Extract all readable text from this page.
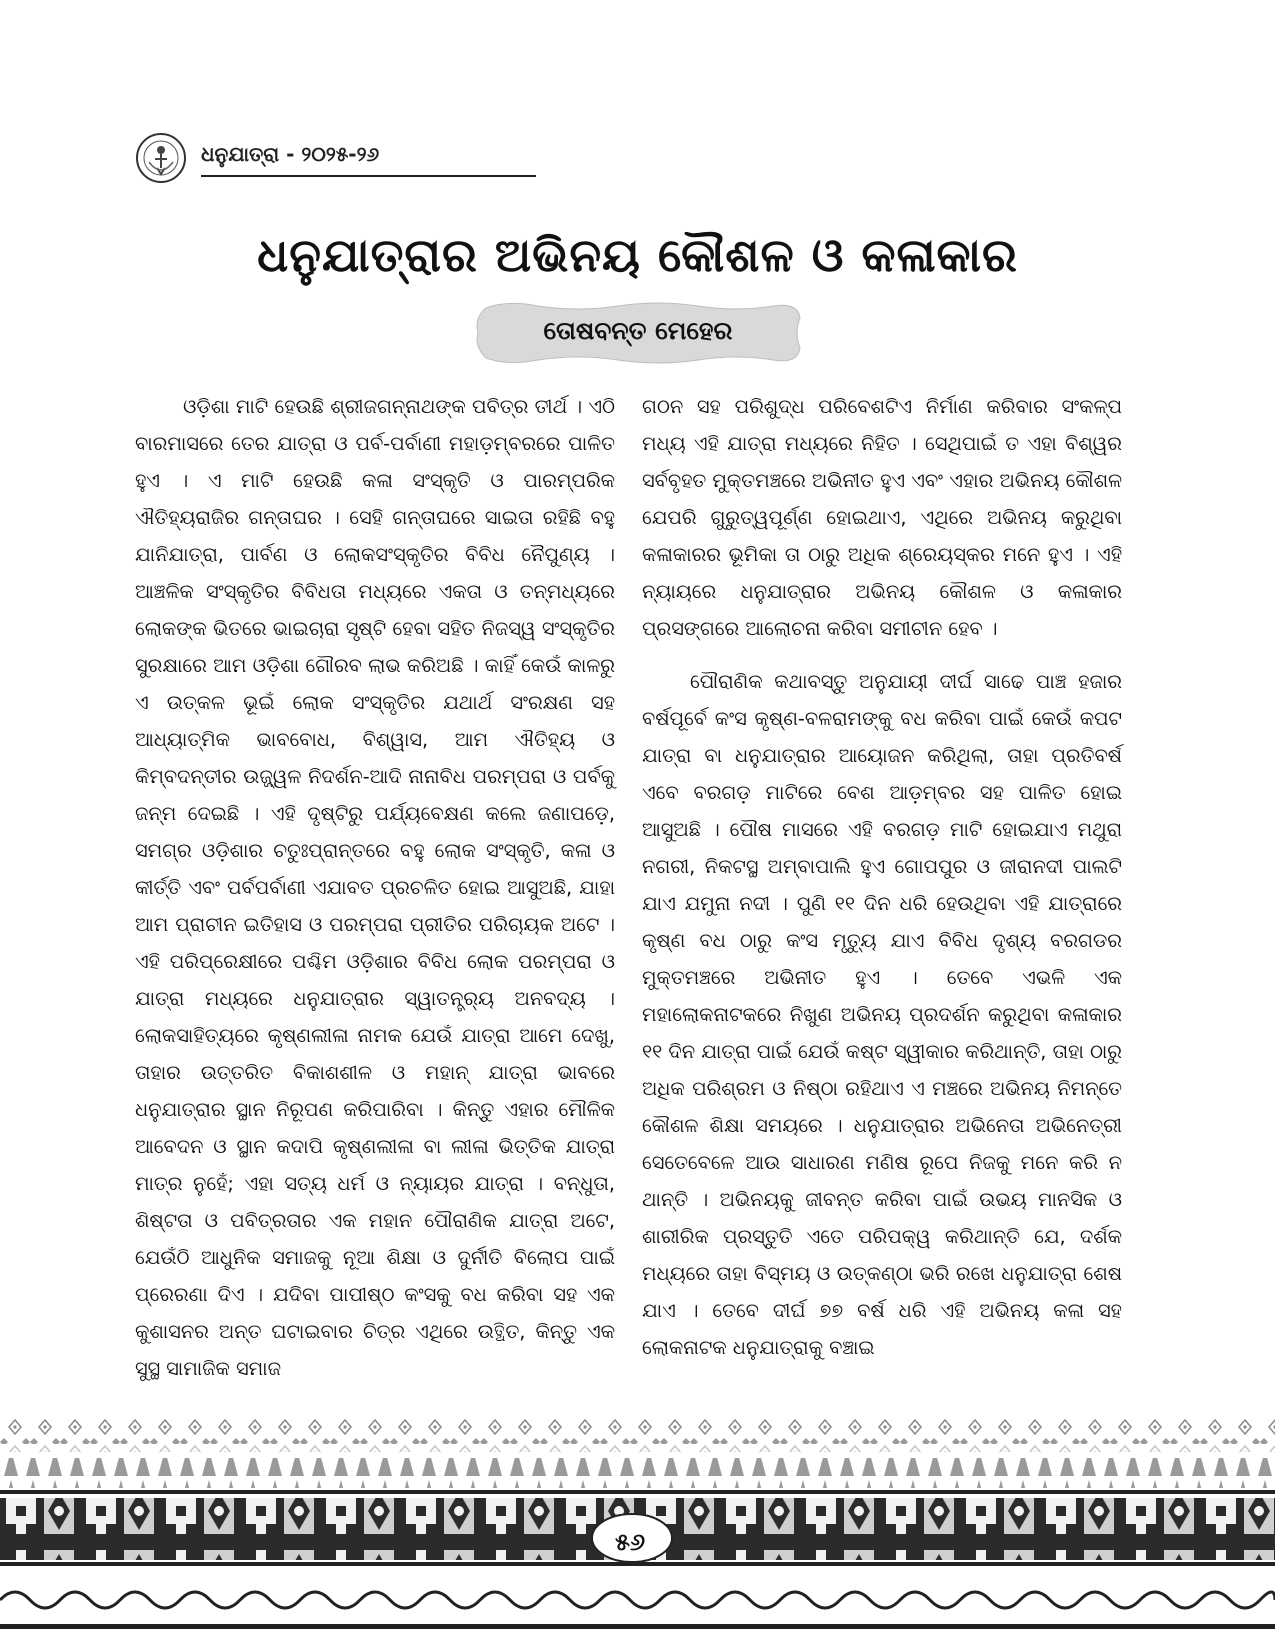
ଧନୁଯାତ୍ରା - ୨୦୨୫-୨୬
ଧନୁଯାତ୍ରାର ଅଭିନୟ କୌଶଳ ଓ କଳାକାର
ତୋଷବନ୍ତ ମେହେର

ଓଡ଼ିଶା ମାଟି ହେଉଛି ଶ୍ରୀଜଗନ୍ନାଥଙ୍କ ପବିତ୍ର ତୀର୍ଥ । ଏଠି ବାରମାସରେ ତେର ଯାତ୍ରା ଓ ପର୍ବ-ପର୍ବାଣୀ ମହାଡ଼ମ୍ବରରେ ପାଳିତ ହୁଏ । ଏ ମାଟି ହେଉଛି କଳା ସଂସ୍କୃତି ଓ ପାରମ୍ପରିକ ଐତିହ୍ୟରାଜିର ଗନ୍ତାଘର । ସେହି ଗନ୍ତାଘରେ ସାଇତା ରହିଛି ବହୁ ଯାନିଯାତ୍ରା, ପାର୍ବଣ ଓ ଲୋକସଂସ୍କୃତିର ବିବିଧ ନୈପୁଣ୍ୟ । ଆଞ୍ଚଳିକ ସଂସ୍କୃତିର ବିବିଧତା ମଧ୍ୟରେ ଏକତା ଓ ତନ୍ମଧ୍ୟରେ ଲୋକଙ୍କ ଭିତରେ ଭାଇଚାରା ସୃଷ୍ଟି ହେବା ସହିତ ନିଜସ୍ୱ ସଂସ୍କୃତିର ସୁରକ୍ଷାରେ ଆମ ଓଡ଼ିଶା ଗୌରବ ଲାଭ କରିଅଛି । କାହିଁ କେଉଁ କାଳରୁ ଏ ଉତ୍କଳ ଭୂଇଁ ଲୋକ ସଂସ୍କୃତିର ଯଥାର୍ଥ ସଂରକ୍ଷଣ ସହ ଆଧ୍ୟାତ୍ମିକ ଭାବବୋଧ, ବିଶ୍ୱାସ, ଆମ ଐତିହ୍ୟ ଓ କିମ୍ବଦନ୍ତୀର ଉଜ୍ଜ୍ୱଳ ନିଦର୍ଶନ-ଆଦି ନାନାବିଧ ପରମ୍ପରା ଓ ପର୍ବକୁ ଜନ୍ମ ଦେଇଛି । ଏହି ଦୃଷ୍ଟିରୁ ପର୍ଯ୍ୟବେକ୍ଷଣ କଲେ ଜଣାପଡ଼େ, ସମଗ୍ର ଓଡ଼ିଶାର ଚତୁଃପ୍ରାନ୍ତରେ ବହୁ ଲୋକ ସଂସ୍କୃତି, କଳା ଓ କୀର୍ତ୍ତି ଏବଂ ପର୍ବପର୍ବାଣୀ ଏଯାବତ ପ୍ରଚଳିତ ହୋଇ ଆସୁଅଛି, ଯାହା ଆମ ପ୍ରାଚୀନ ଇତିହାସ ଓ ପରମ୍ପରା ପ୍ରୀତିର ପରିଚାୟକ ଅଟେ । ଏହି ପରିପ୍ରେକ୍ଷୀରେ ପଶ୍ଚିମ ଓଡ଼ିଶାର ବିବିଧ ଲୋକ ପରମ୍ପରା ଓ ଯାତ୍ରା ମଧ୍ୟରେ ଧନୁଯାତ୍ରାର ସ୍ୱାତନ୍ତ୍ର୍ୟ ଅନବଦ୍ୟ । ଲୋକସାହିତ୍ୟରେ କୃଷ୍ଣଲୀଳା ନାମକ ଯେଉଁ ଯାତ୍ରା ଆମେ ଦେଖୁ, ତାହାର ଉତ୍ତରିତ ବିକାଶଶୀଳ ଓ ମହାନ୍ ଯାତ୍ରା ଭାବରେ ଧନୁଯାତ୍ରାର ସ୍ଥାନ ନିରୂପଣ କରିପାରିବା । କିନ୍ତୁ ଏହାର ମୌଳିକ ଆବେଦନ ଓ ସ୍ଥାନ କଦାପି କୃଷ୍ଣଲୀଳା ବା ଲୀଳା ଭିତ୍ତିକ ଯାତ୍ରା ମାତ୍ର ନୁହେଁ; ଏହା ସତ୍ୟ ଧର୍ମ ଓ ନ୍ୟାୟର ଯାତ୍ରା । ବନ୍ଧୁତା, ଶିଷ୍ଟତା ଓ ପବିତ୍ରତାର ଏକ ମହାନ ପୌରାଣିକ ଯାତ୍ରା ଅଟେ, ଯେଉଁଠି ଆଧୁନିକ ସମାଜକୁ ନୂଆ ଶିକ୍ଷା ଓ ଦୁର୍ନୀତି ବିଲୋପ ପାଇଁ ପ୍ରେରଣା ଦିଏ । ଯଦିବା ପାପୀଷ୍ଠ କଂସକୁ ବଧ କରିବା ସହ ଏକ କୁଶାସନର ଅନ୍ତ ଘଟାଇବାର ଚିତ୍ର ଏଥିରେ ଉତ୍ଥିତ, କିନ୍ତୁ ଏକ ସୁସ୍ଥ ସାମାଜିକ ସମାଜ

ଗଠନ ସହ ପରିଶୁଦ୍ଧ ପରିବେଶଟିଏ ନିର୍ମାଣ କରିବାର ସଂକଳ୍ପ ମଧ୍ୟ ଏହି ଯାତ୍ରା ମଧ୍ୟରେ ନିହିତ । ସେଥିପାଇଁ ତ ଏହା ବିଶ୍ୱର ସର୍ବବୃହତ ମୁକ୍ତମଞ୍ଚରେ ଅଭିନୀତ ହୁଏ ଏବଂ ଏହାର ଅଭିନୟ କୌଶଳ ଯେପରି ଗୁରୁତ୍ୱପୂର୍ଣ୍ଣ ହୋଇଥାଏ, ଏଥିରେ ଅଭିନୟ କରୁଥିବା କଳାକାରର ଭୂମିକା ତା ଠାରୁ ଅଧିକ ଶ୍ରେୟସ୍କର ମନେ ହୁଏ । ଏହି ନ୍ୟାୟରେ ଧନୁଯାତ୍ରାର ଅଭିନୟ କୌଶଳ ଓ କଳାକାର ପ୍ରସଙ୍ଗରେ ଆଲୋଚନା କରିବା ସମୀଚୀନ ହେବ ।

ପୌରାଣିକ କଥାବସ୍ତୁ ଅନୁଯାୟୀ ଦୀର୍ଘ ସାଢେ ପାଞ୍ଚ ହଜାର ବର୍ଷପୂର୍ବେ କଂସ କୃଷ୍ଣ-ବଳରାମଙ୍କୁ ବଧ କରିବା ପାଇଁ କେଉଁ କପଟ ଯାତ୍ରା ବା ଧନୁଯାତ୍ରାର ଆୟୋଜନ କରିଥିଲା, ତାହା ପ୍ରତିବର୍ଷ ଏବେ ବରଗଡ଼ ମାଟିରେ ବେଶ ଆଡ଼ମ୍ବର ସହ ପାଳିତ ହୋଇ ଆସୁଅଛି । ପୌଷ ମାସରେ ଏହି ବରଗଡ଼ ମାଟି ହୋଇଯାଏ ମଥୁରା ନଗରୀ, ନିକଟସ୍ଥ ଅମ୍ବାପାଲି ହୁଏ ଗୋପପୁର ଓ ଜୀରାନଦୀ ପାଲଟି ଯାଏ ଯମୁନା ନଦୀ । ପୁଣି ୧୧ ଦିନ ଧରି ହେଉଥିବା ଏହି ଯାତ୍ରାରେ କୃଷ୍ଣ ବଧ ଠାରୁ କଂସ ମୃତ୍ୟୁ ଯାଏ ବିବିଧ ଦୃଶ୍ୟ ବରଗଡର ମୁକ୍ତମଞ୍ଚରେ ଅଭିନୀତ ହୁଏ । ତେବେ ଏଭଳି ଏକ ମହାଲୋକନାଟକରେ ନିଖୁଣ ଅଭିନୟ ପ୍ରଦର୍ଶନ କରୁଥିବା କଳାକାର ୧୧ ଦିନ ଯାତ୍ରା ପାଇଁ ଯେଉଁ କଷ୍ଟ ସ୍ୱୀକାର କରିଥାନ୍ତି, ତାହା ଠାରୁ ଅଧିକ ପରିଶ୍ରମ ଓ ନିଷ୍ଠା ରହିଥାଏ ଏ ମଞ୍ଚରେ ଅଭିନୟ ନିମନ୍ତେ କୌଶଳ ଶିକ୍ଷା ସମୟରେ । ଧନୁଯାତ୍ରାର ଅଭିନେତା ଅଭିନେତ୍ରୀ ସେତେବେଳେ ଆଉ ସାଧାରଣ ମଣିଷ ରୂପେ ନିଜକୁ ମନେ କରି ନ ଥାନ୍ତି । ଅଭିନୟକୁ ଜୀବନ୍ତ କରିବା ପାଇଁ ଉଭୟ ମାନସିକ ଓ ଶାରୀରିକ ପ୍ରସ୍ତୁତି ଏତେ ପରିପକ୍ୱ କରିଥାନ୍ତି ଯେ, ଦର୍ଶକ ମଧ୍ୟରେ ତାହା ବିସ୍ମୟ ଓ ଉତ୍କଣ୍ଠା ଭରି ରଖେ ଧନୁଯାତ୍ରା ଶେଷ ଯାଏ । ତେବେ ଦୀର୍ଘ ୭୭ ବର୍ଷ ଧରି ଏହି ଅଭିନୟ କଳା ସହ ଲୋକନାଟକ ଧନୁଯାତ୍ରାକୁ ବଞ୍ଚାଇ

୫୬
